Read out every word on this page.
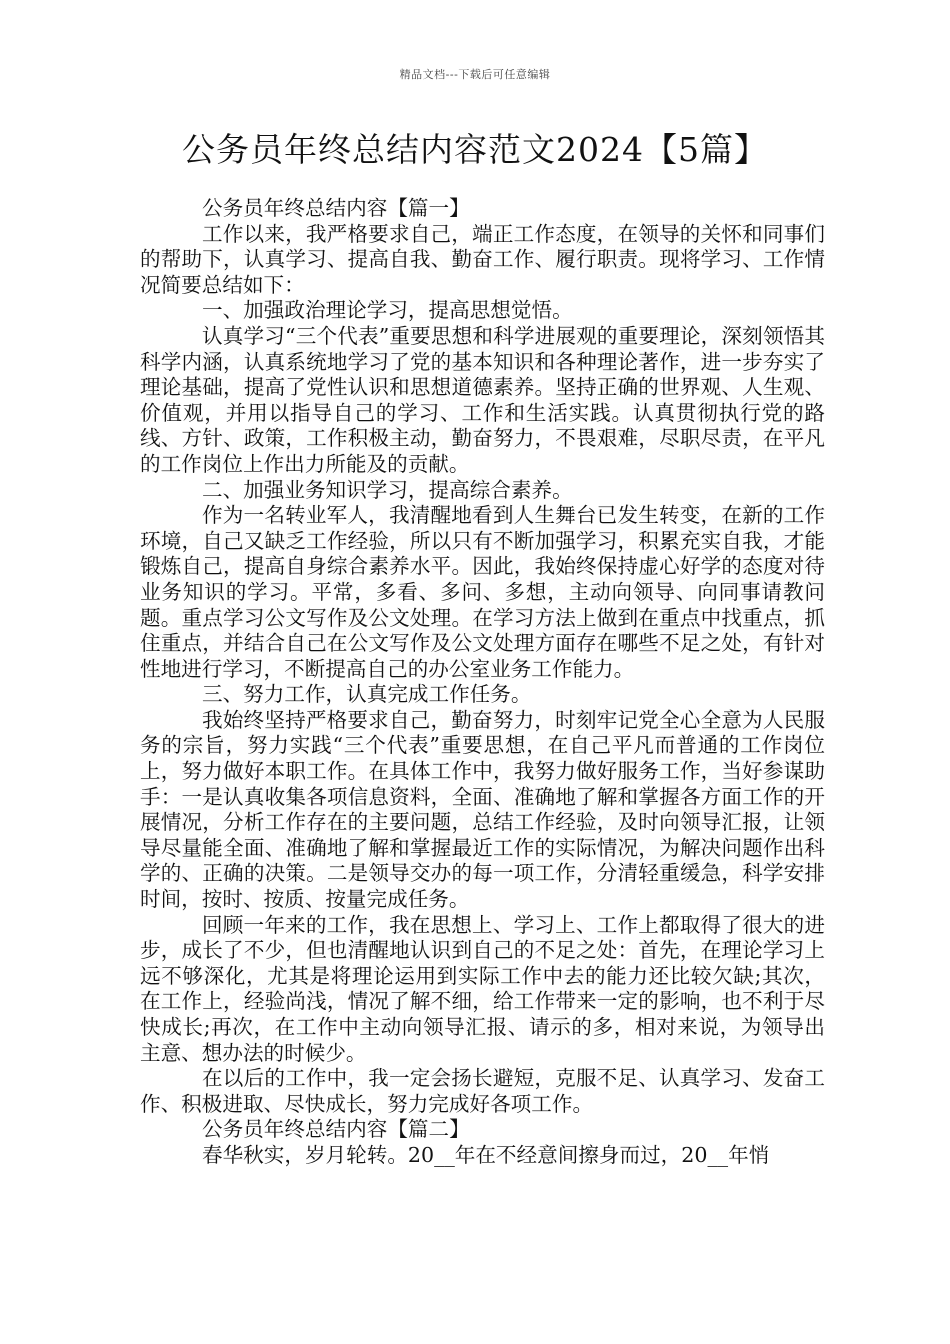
精品文档---下载后可任意编辑
公务员年终总结内容范文2024【5篇】

公务员年终总结内容【篇一】

工作以来，我严格要求自己，端正工作态度，在领导的关怀和同事们的帮助下，认真学习、提高自我、勤奋工作、履行职责。现将学习、工作情况简要总结如下：

一、加强政治理论学习，提高思想觉悟。

认真学习“三个代表”重要思想和科学进展观的重要理论，深刻领悟其科学内涵，认真系统地学习了党的基本知识和各种理论著作，进一步夯实了理论基础，提高了党性认识和思想道德素养。坚持正确的世界观、人生观、价值观，并用以指导自己的学习、工作和生活实践。认真贯彻执行党的路线、方针、政策，工作积极主动，勤奋努力，不畏艰难，尽职尽责，在平凡的工作岗位上作出力所能及的贡献。

二、加强业务知识学习，提高综合素养。

作为一名转业军人，我清醒地看到人生舞台已发生转变，在新的工作环境，自己又缺乏工作经验，所以只有不断加强学习，积累充实自我，才能锻炼自己，提高自身综合素养水平。因此，我始终保持虚心好学的态度对待业务知识的学习。平常，多看、多问、多想，主动向领导、向同事请教问题。重点学习公文写作及公文处理。在学习方法上做到在重点中找重点，抓住重点，并结合自己在公文写作及公文处理方面存在哪些不足之处，有针对性地进行学习，不断提高自己的办公室业务工作能力。

三、努力工作，认真完成工作任务。

我始终坚持严格要求自己，勤奋努力，时刻牢记党全心全意为人民服务的宗旨，努力实践“三个代表”重要思想，在自己平凡而普通的工作岗位上，努力做好本职工作。在具体工作中，我努力做好服务工作，当好参谋助手：一是认真收集各项信息资料，全面、准确地了解和掌握各方面工作的开展情况，分析工作存在的主要问题，总结工作经验，及时向领导汇报，让领导尽量能全面、准确地了解和掌握最近工作的实际情况，为解决问题作出科学的、正确的决策。二是领导交办的每一项工作，分清轻重缓急，科学安排时间，按时、按质、按量完成任务。

回顾一年来的工作，我在思想上、学习上、工作上都取得了很大的进步，成长了不少，但也清醒地认识到自己的不足之处：首先，在理论学习上远不够深化，尤其是将理论运用到实际工作中去的能力还比较欠缺;其次，在工作上，经验尚浅，情况了解不细，给工作带来一定的影响，也不利于尽快成长;再次，在工作中主动向领导汇报、请示的多，相对来说，为领导出主意、想办法的时候少。

在以后的工作中，我一定会扬长避短，克服不足、认真学习、发奋工作、积极进取、尽快成长，努力完成好各项工作。

公务员年终总结内容【篇二】

春华秋实，岁月轮转。20__年在不经意间擦身而过，20__年悄
